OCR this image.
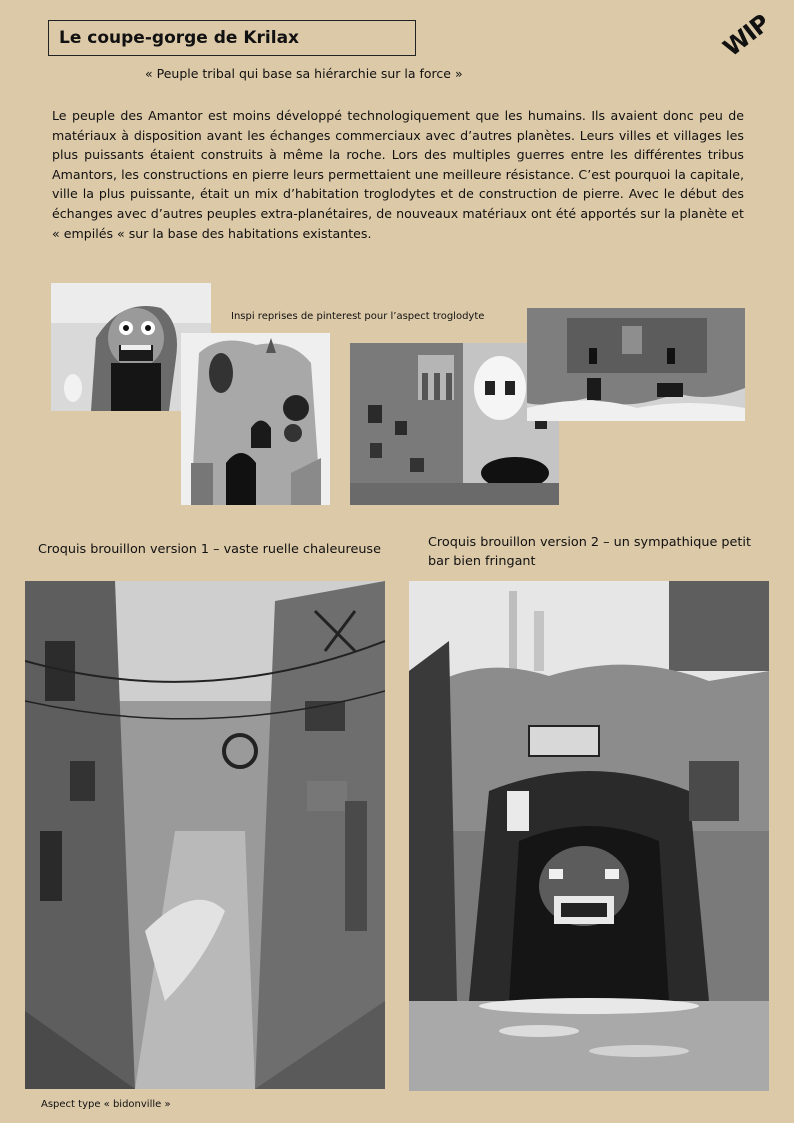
Le coupe-gorge de Krilax
« Peuple tribal qui base sa hiérarchie sur la force »
WIP
Le peuple des Amantor est moins développé technologiquement que les humains. Ils avaient donc peu de matériaux à disposition avant les échanges commerciaux avec d’autres planètes. Leurs villes et villages les plus puissants étaient construits à même la roche. Lors des multiples guerres entre les différentes tribus Amantors, les constructions en pierre leurs permettaient une meilleure résistance. C’est pourquoi la capitale, ville la plus puissante, était un mix d’habitation troglodytes et de construction de pierre. Avec le début des échanges avec d’autres peuples extra-planétaires, de nouveaux matériaux ont été apportés sur la planète et « empilés « sur la base des habitations existantes.
Inspi reprises de pinterest pour l’aspect troglodyte
Croquis brouillon version 1 – vaste ruelle chaleureuse	Croquis brouillon version 2 – un sympathique petit bar bien fringant
Aspect type « bidonville »
